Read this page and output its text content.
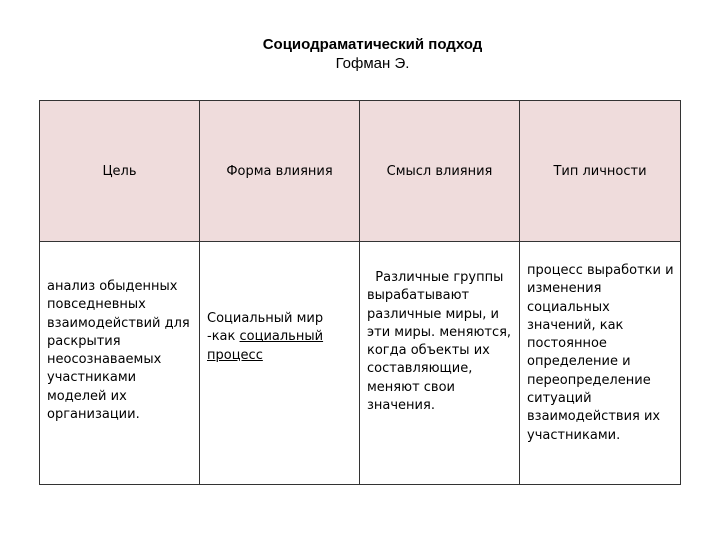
Социодраматический подход
Гофман Э.
Цель	Форма влияния	Смысл влияния	Тип личности

анализ обыденных повседневных взаимодействий для раскрытия неосознаваемых участниками моделей их организации.	Социальный мир -как социальный процесс	Различные группы вырабатывают различные миры, и эти миры. меняются, когда объекты их составляющие, меняют свои значения.	процесс выработки и изменения социальных значений, как постоянное определение и переопределение ситуаций взаимодействия их участниками.
